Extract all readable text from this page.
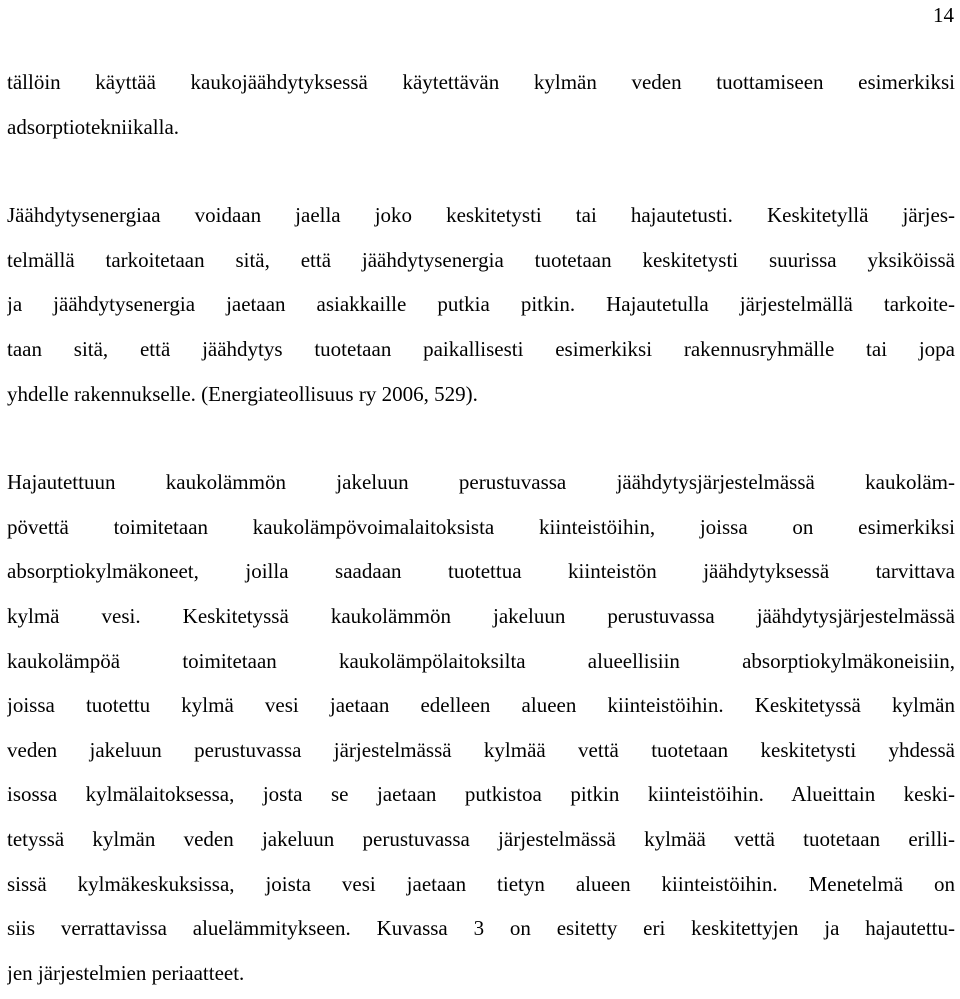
14
tällöin käyttää kaukojäähdytyksessä käytettävän kylmän veden tuottamiseen esimerkiksi
adsorptiotekniikalla.
Jäähdytysenergiaa voidaan jaella joko keskitetysti tai hajautetusti. Keskitetyllä järjes-
telmällä tarkoitetaan sitä, että jäähdytysenergia tuotetaan keskitetysti suurissa yksiköissä
ja jäähdytysenergia jaetaan asiakkaille putkia pitkin. Hajautetulla järjestelmällä tarkoite-
taan sitä, että jäähdytys tuotetaan paikallisesti esimerkiksi rakennusryhmälle tai jopa
yhdelle rakennukselle. (Energiateollisuus ry 2006, 529).
Hajautettuun kaukolämmön jakeluun perustuvassa jäähdytysjärjestelmässä kaukoläm-
pövettä toimitetaan kaukolämpövoimalaitoksista kiinteistöihin, joissa on esimerkiksi
absorptiokylmäkoneet, joilla saadaan tuotettua kiinteistön jäähdytyksessä tarvittava
kylmä vesi. Keskitetyssä kaukolämmön jakeluun perustuvassa jäähdytysjärjestelmässä
kaukolämpöä toimitetaan kaukolämpölaitoksilta alueellisiin absorptiokylmäkoneisiin,
joissa tuotettu kylmä vesi jaetaan edelleen alueen kiinteistöihin. Keskitetyssä kylmän
veden jakeluun perustuvassa järjestelmässä kylmää vettä tuotetaan keskitetysti yhdessä
isossa kylmälaitoksessa, josta se jaetaan putkistoa pitkin kiinteistöihin. Alueittain keski-
tetyssä kylmän veden jakeluun perustuvassa järjestelmässä kylmää vettä tuotetaan erilli-
sissä kylmäkeskuksissa, joista vesi jaetaan tietyn alueen kiinteistöihin. Menetelmä on
siis verrattavissa aluelämmitykseen. Kuvassa 3 on esitetty eri keskitettyjen ja hajautettu-
jen järjestelmien periaatteet.
